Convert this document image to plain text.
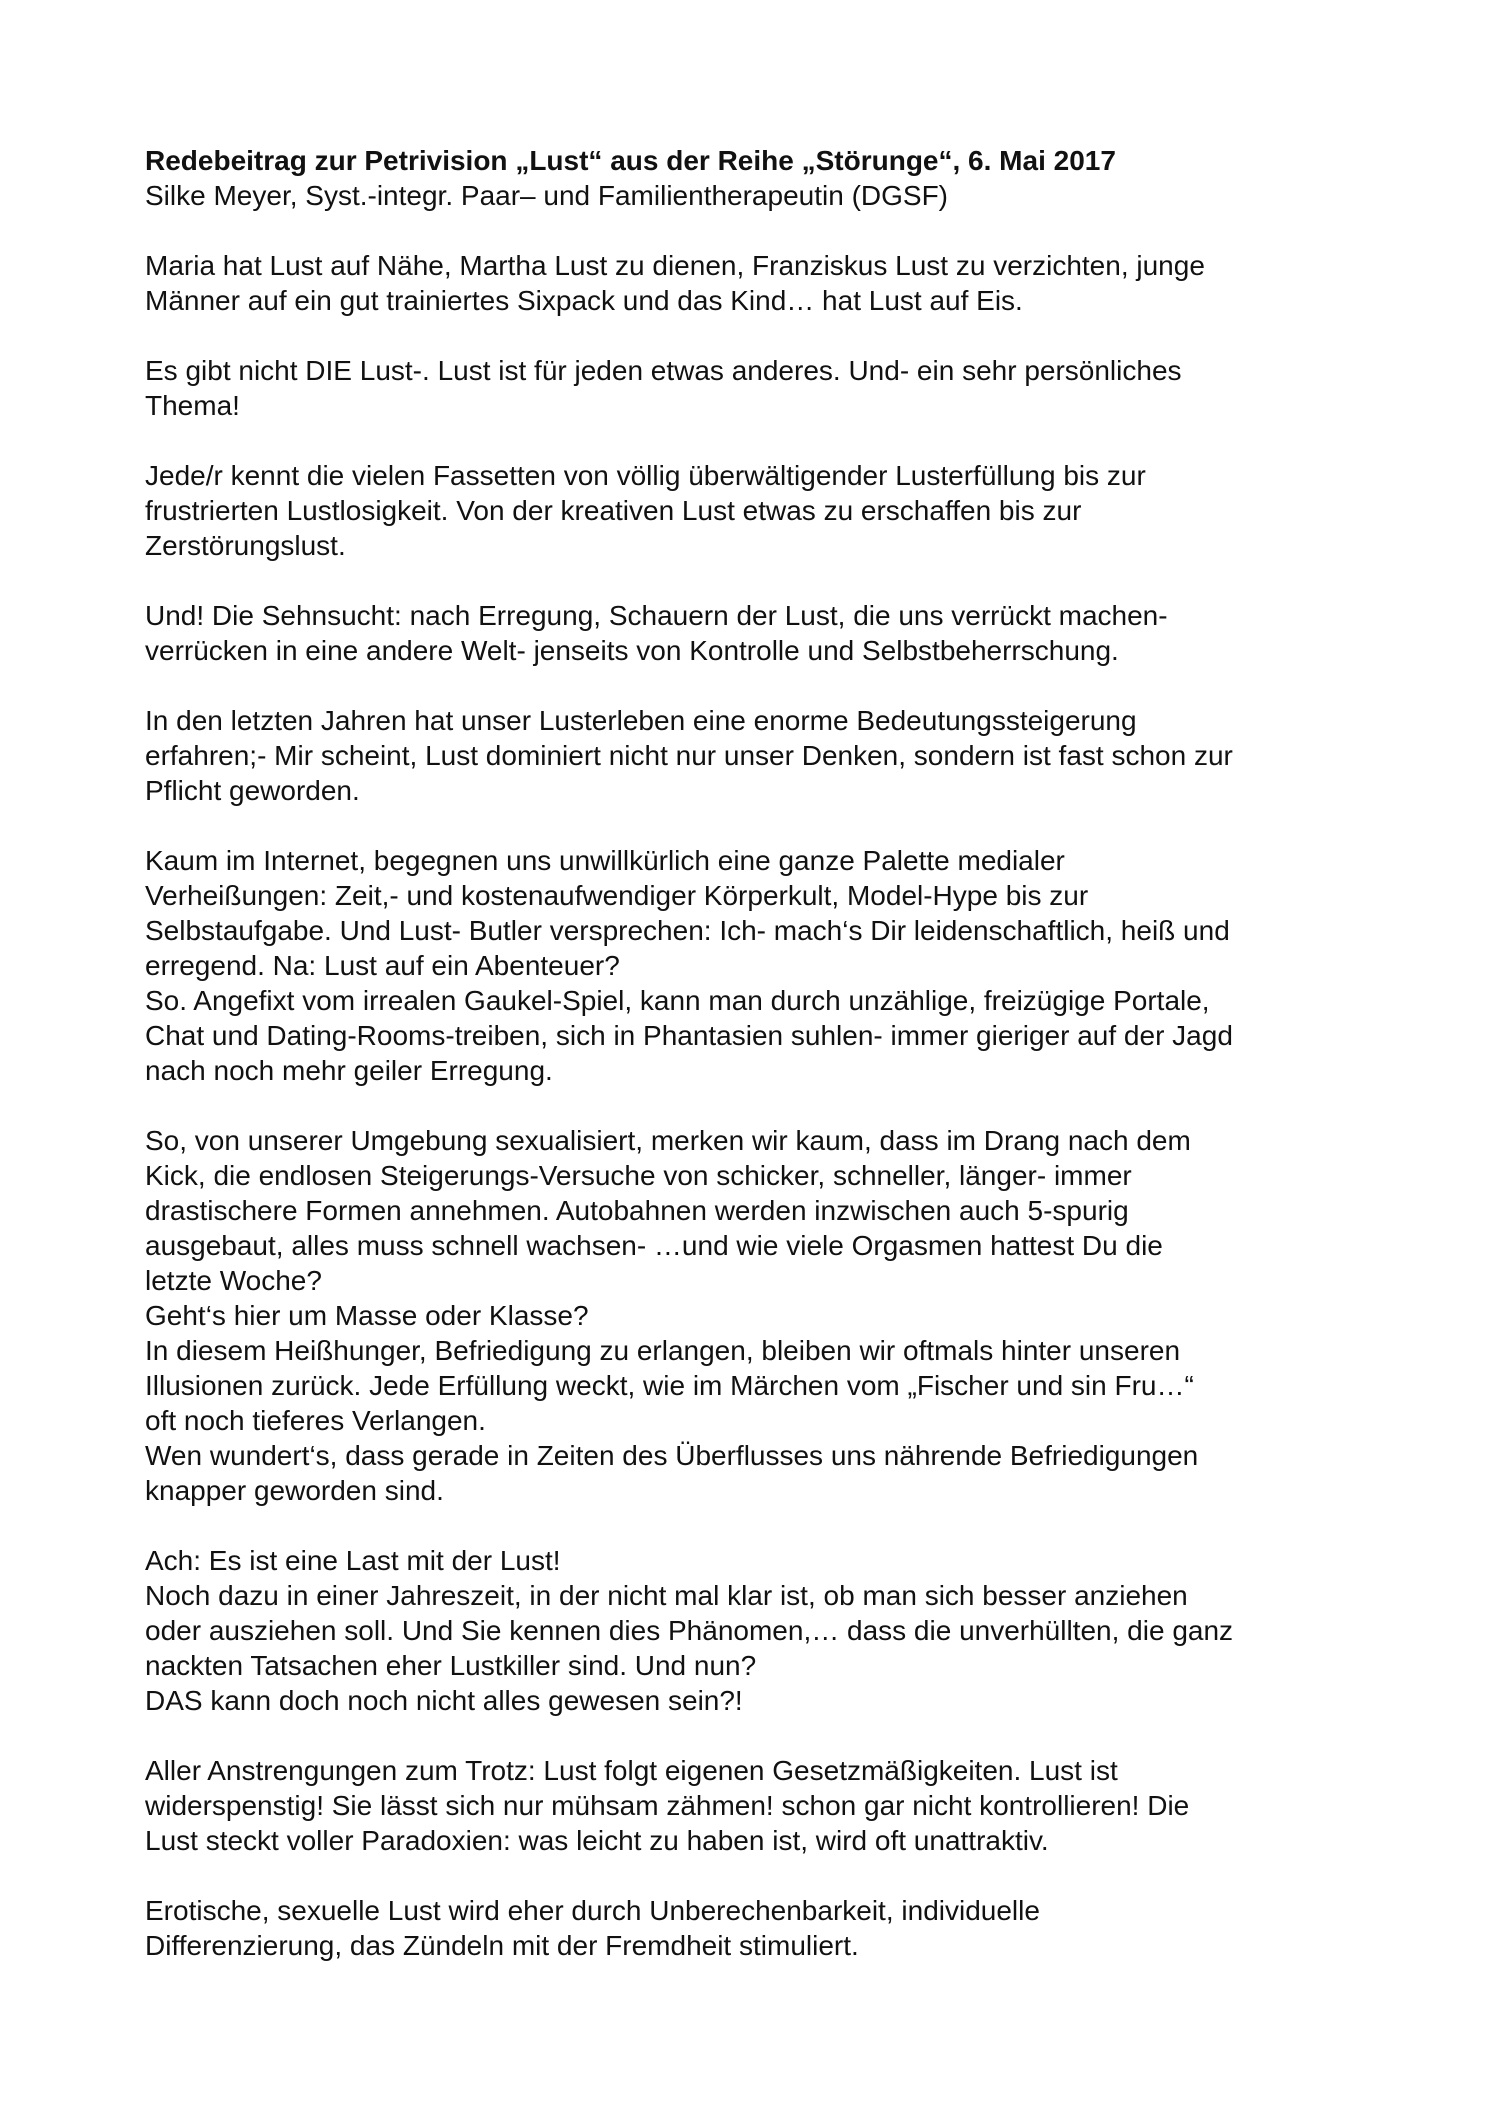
Redebeitrag zur Petrivision „Lust“ aus der Reihe „Störunge“, 6. Mai 2017

Silke Meyer, Syst.-integr. Paar– und Familientherapeutin (DGSF)

Maria hat Lust auf Nähe, Martha Lust zu dienen, Franziskus Lust zu verzichten, junge
Männer auf ein gut trainiertes Sixpack und das Kind… hat Lust auf Eis.

Es gibt nicht DIE Lust-. Lust ist für jeden etwas anderes. Und- ein sehr persönliches
Thema!

Jede/r kennt die vielen Fassetten von völlig überwältigender Lusterfüllung bis zur
frustrierten Lustlosigkeit. Von der kreativen Lust etwas zu erschaffen bis zur
Zerstörungslust.

Und! Die Sehnsucht: nach Erregung, Schauern der Lust, die uns verrückt machen-
verrücken in eine andere Welt- jenseits von Kontrolle und Selbstbeherrschung.

In den letzten Jahren hat unser Lusterleben eine enorme Bedeutungssteigerung
erfahren;- Mir scheint, Lust dominiert nicht nur unser Denken, sondern ist fast schon zur
Pflicht geworden.

Kaum im Internet, begegnen uns unwillkürlich eine ganze Palette medialer
Verheißungen: Zeit,- und kostenaufwendiger Körperkult, Model-Hype bis zur
Selbstaufgabe. Und Lust- Butler versprechen: Ich- mach‘s Dir leidenschaftlich, heiß und
erregend. Na: Lust auf ein Abenteuer?
So. Angefixt vom irrealen Gaukel-Spiel, kann man durch unzählige, freizügige Portale,
Chat und Dating-Rooms-treiben, sich in Phantasien suhlen- immer gieriger auf der Jagd
nach noch mehr geiler Erregung.

So, von unserer Umgebung sexualisiert, merken wir kaum, dass im Drang nach dem
Kick, die endlosen Steigerungs-Versuche von schicker, schneller, länger- immer
drastischere Formen annehmen. Autobahnen werden inzwischen auch 5-spurig
ausgebaut, alles muss schnell wachsen- …und wie viele Orgasmen hattest Du die
letzte Woche?
Geht‘s hier um Masse oder Klasse?
In diesem Heißhunger, Befriedigung zu erlangen, bleiben wir oftmals hinter unseren
Illusionen zurück. Jede Erfüllung weckt, wie im Märchen vom „Fischer und sin Fru…“
oft noch tieferes Verlangen.
Wen wundert‘s, dass gerade in Zeiten des Überflusses uns nährende Befriedigungen
knapper geworden sind.

Ach: Es ist eine Last mit der Lust!
Noch dazu in einer Jahreszeit, in der nicht mal klar ist, ob man sich besser anziehen
oder ausziehen soll. Und Sie kennen dies Phänomen,… dass die unverhüllten, die ganz
nackten Tatsachen eher Lustkiller sind. Und nun?
DAS kann doch noch nicht alles gewesen sein?!

Aller Anstrengungen zum Trotz: Lust folgt eigenen Gesetzmäßigkeiten. Lust ist
widerspenstig! Sie lässt sich nur mühsam zähmen! schon gar nicht kontrollieren! Die
Lust steckt voller Paradoxien: was leicht zu haben ist, wird oft unattraktiv.

Erotische, sexuelle Lust wird eher durch Unberechenbarkeit, individuelle
Differenzierung, das Zündeln mit der Fremdheit stimuliert.
